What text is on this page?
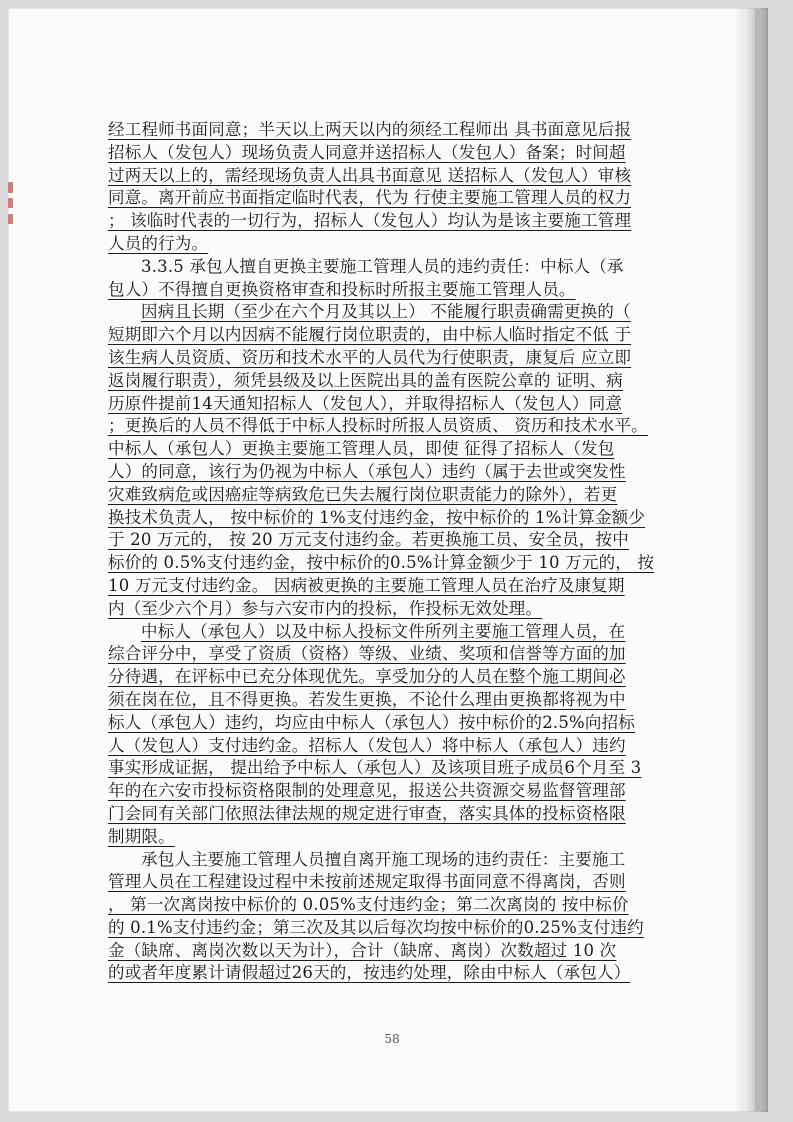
经工程师书面同意；半天以上两天以内的须经工程师出 具书面意见后报
招标人（发包人）现场负责人同意并送招标人（发包人）备案；时间超
过两天以上的，需经现场负责人出具书面意见 送招标人（发包人）审核
同意。离开前应书面指定临时代表，代为 行使主要施工管理人员的权力
； 该临时代表的一切行为，招标人（发包人）均认为是该主要施工管理
人员的行为。
3.3.5 承包人擅自更换主要施工管理人员的违约责任：中标人（承
包人）不得擅自更换资格审查和投标时所报主要施工管理人员。
因病且长期（至少在六个月及其以上） 不能履行职责确需更换的（
短期即六个月以内因病不能履行岗位职责的，由中标人临时指定不低 于
该生病人员资质、资历和技术水平的人员代为行使职责，康复后 应立即
返岗履行职责），须凭县级及以上医院出具的盖有医院公章的 证明、病
历原件提前14天通知招标人（发包人），并取得招标人（发包人）同意
；更换后的人员不得低于中标人投标时所报人员资质、 资历和技术水平。
中标人（承包人）更换主要施工管理人员，即使 征得了招标人（发包
人）的同意，该行为仍视为中标人（承包人）违约（属于去世或突发性
灾难致病危或因癌症等病致危已失去履行岗位职责能力的除外），若更
换技术负责人， 按中标价的 1%支付违约金，按中标价的 1%计算金额少
于 20 万元的， 按 20 万元支付违约金。若更换施工员、安全员，按中
标价的 0.5%支付违约金，按中标价的0.5%计算金额少于 10 万元的， 按
10 万元支付违约金。 因病被更换的主要施工管理人员在治疗及康复期
内（至少六个月）参与六安市内的投标，作投标无效处理。
中标人（承包人）以及中标人投标文件所列主要施工管理人员，在
综合评分中，享受了资质（资格）等级、业绩、奖项和信誉等方面的加
分待遇，在评标中已充分体现优先。享受加分的人员在整个施工期间必
须在岗在位，且不得更换。若发生更换，不论什么理由更换都将视为中
标人（承包人）违约，均应由中标人（承包人）按中标价的2.5%向招标
人（发包人）支付违约金。招标人（发包人）将中标人（承包人）违约
事实形成证据， 提出给予中标人（承包人）及该项目班子成员6个月至 3
年的在六安市投标资格限制的处理意见，报送公共资源交易监督管理部
门会同有关部门依照法律法规的规定进行审查，落实具体的投标资格限
制期限。
承包人主要施工管理人员擅自离开施工现场的违约责任：主要施工
管理人员在工程建设过程中未按前述规定取得书面同意不得离岗，否则
， 第一次离岗按中标价的 0.05%支付违约金；第二次离岗的 按中标价
的 0.1%支付违约金；第三次及其以后每次均按中标价的0.25%支付违约
金（缺席、离岗次数以天为计），合计（缺席、离岗）次数超过 10 次
的或者年度累计请假超过26天的，按违约处理，除由中标人（承包人）
58
